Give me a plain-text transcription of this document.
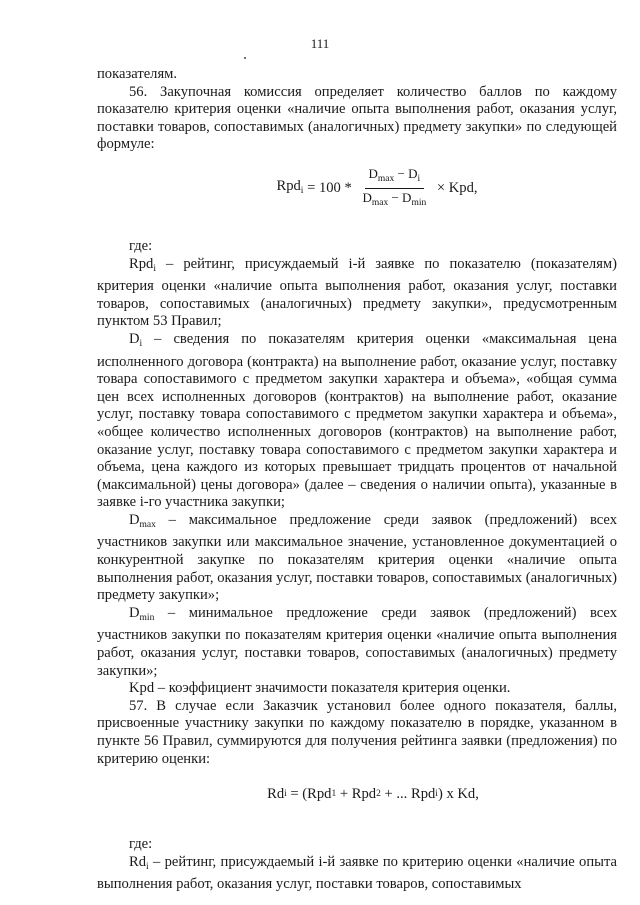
111

показателям.

56. Закупочная комиссия определяет количество баллов по каждому показателю критерия оценки «наличие опыта выполнения работ, оказания услуг, поставки товаров, сопоставимых (аналогичных) предмету закупки» по следующей формуле:

$Rpd_i = 100 * \frac{D_{max} - D_i}{D_{max} - D_{min}}$ × Kpd,

где:

Rpd$_i$ – рейтинг, присуждаемый i-й заявке по показателю (показателям) критерия оценки «наличие опыта выполнения работ, оказания услуг, поставки товаров, сопоставимых (аналогичных) предмету закупки», предусмотренным пунктом 53 Правил;

$D_i$ – сведения по показателям критерия оценки «максимальная цена исполненного договора (контракта) на выполнение работ, оказание услуг, поставку товара сопоставимого с предметом закупки характера и объема», «общая сумма цен всех исполненных договоров (контрактов) на выполнение работ, оказание услуг, поставку товара сопоставимого с предметом закупки характера и объема», «общее количество исполненных договоров (контрактов) на выполнение работ, оказание услуг, поставку товара сопоставимого с предметом закупки характера и объема, цена каждого из которых превышает тридцать процентов от начальной (максимальной) цены договора» (далее – сведения о наличии опыта), указанные в заявке i-го участника закупки;

$D_{max}$ – максимальное предложение среди заявок (предложений) всех участников закупки или максимальное значение, установленное документацией о конкурентной закупке по показателям критерия оценки «наличие опыта выполнения работ, оказания услуг, поставки товаров, сопоставимых (аналогичных) предмету закупки»;

$D_{min}$ – минимальное предложение среди заявок (предложений) всех участников закупки по показателям критерия оценки «наличие опыта выполнения работ, оказания услуг, поставки товаров, сопоставимых (аналогичных) предмету закупки»;

Kpd – коэффициент значимости показателя критерия оценки.

57. В случае если Заказчик установил более одного показателя, баллы, присвоенные участнику закупки по каждому показателю в порядке, указанном в пункте 56 Правил, суммируются для получения рейтинга заявки (предложения) по критерию оценки:

Rd i = (Rpd 1 + Rpd 2 + ... Rpd i ) x Kd,

где:

$Rd_i$ – рейтинг, присуждаемый i-й заявке по критерию оценки «наличие опыта выполнения работ, оказания услуг, поставки товаров, сопоставимых
